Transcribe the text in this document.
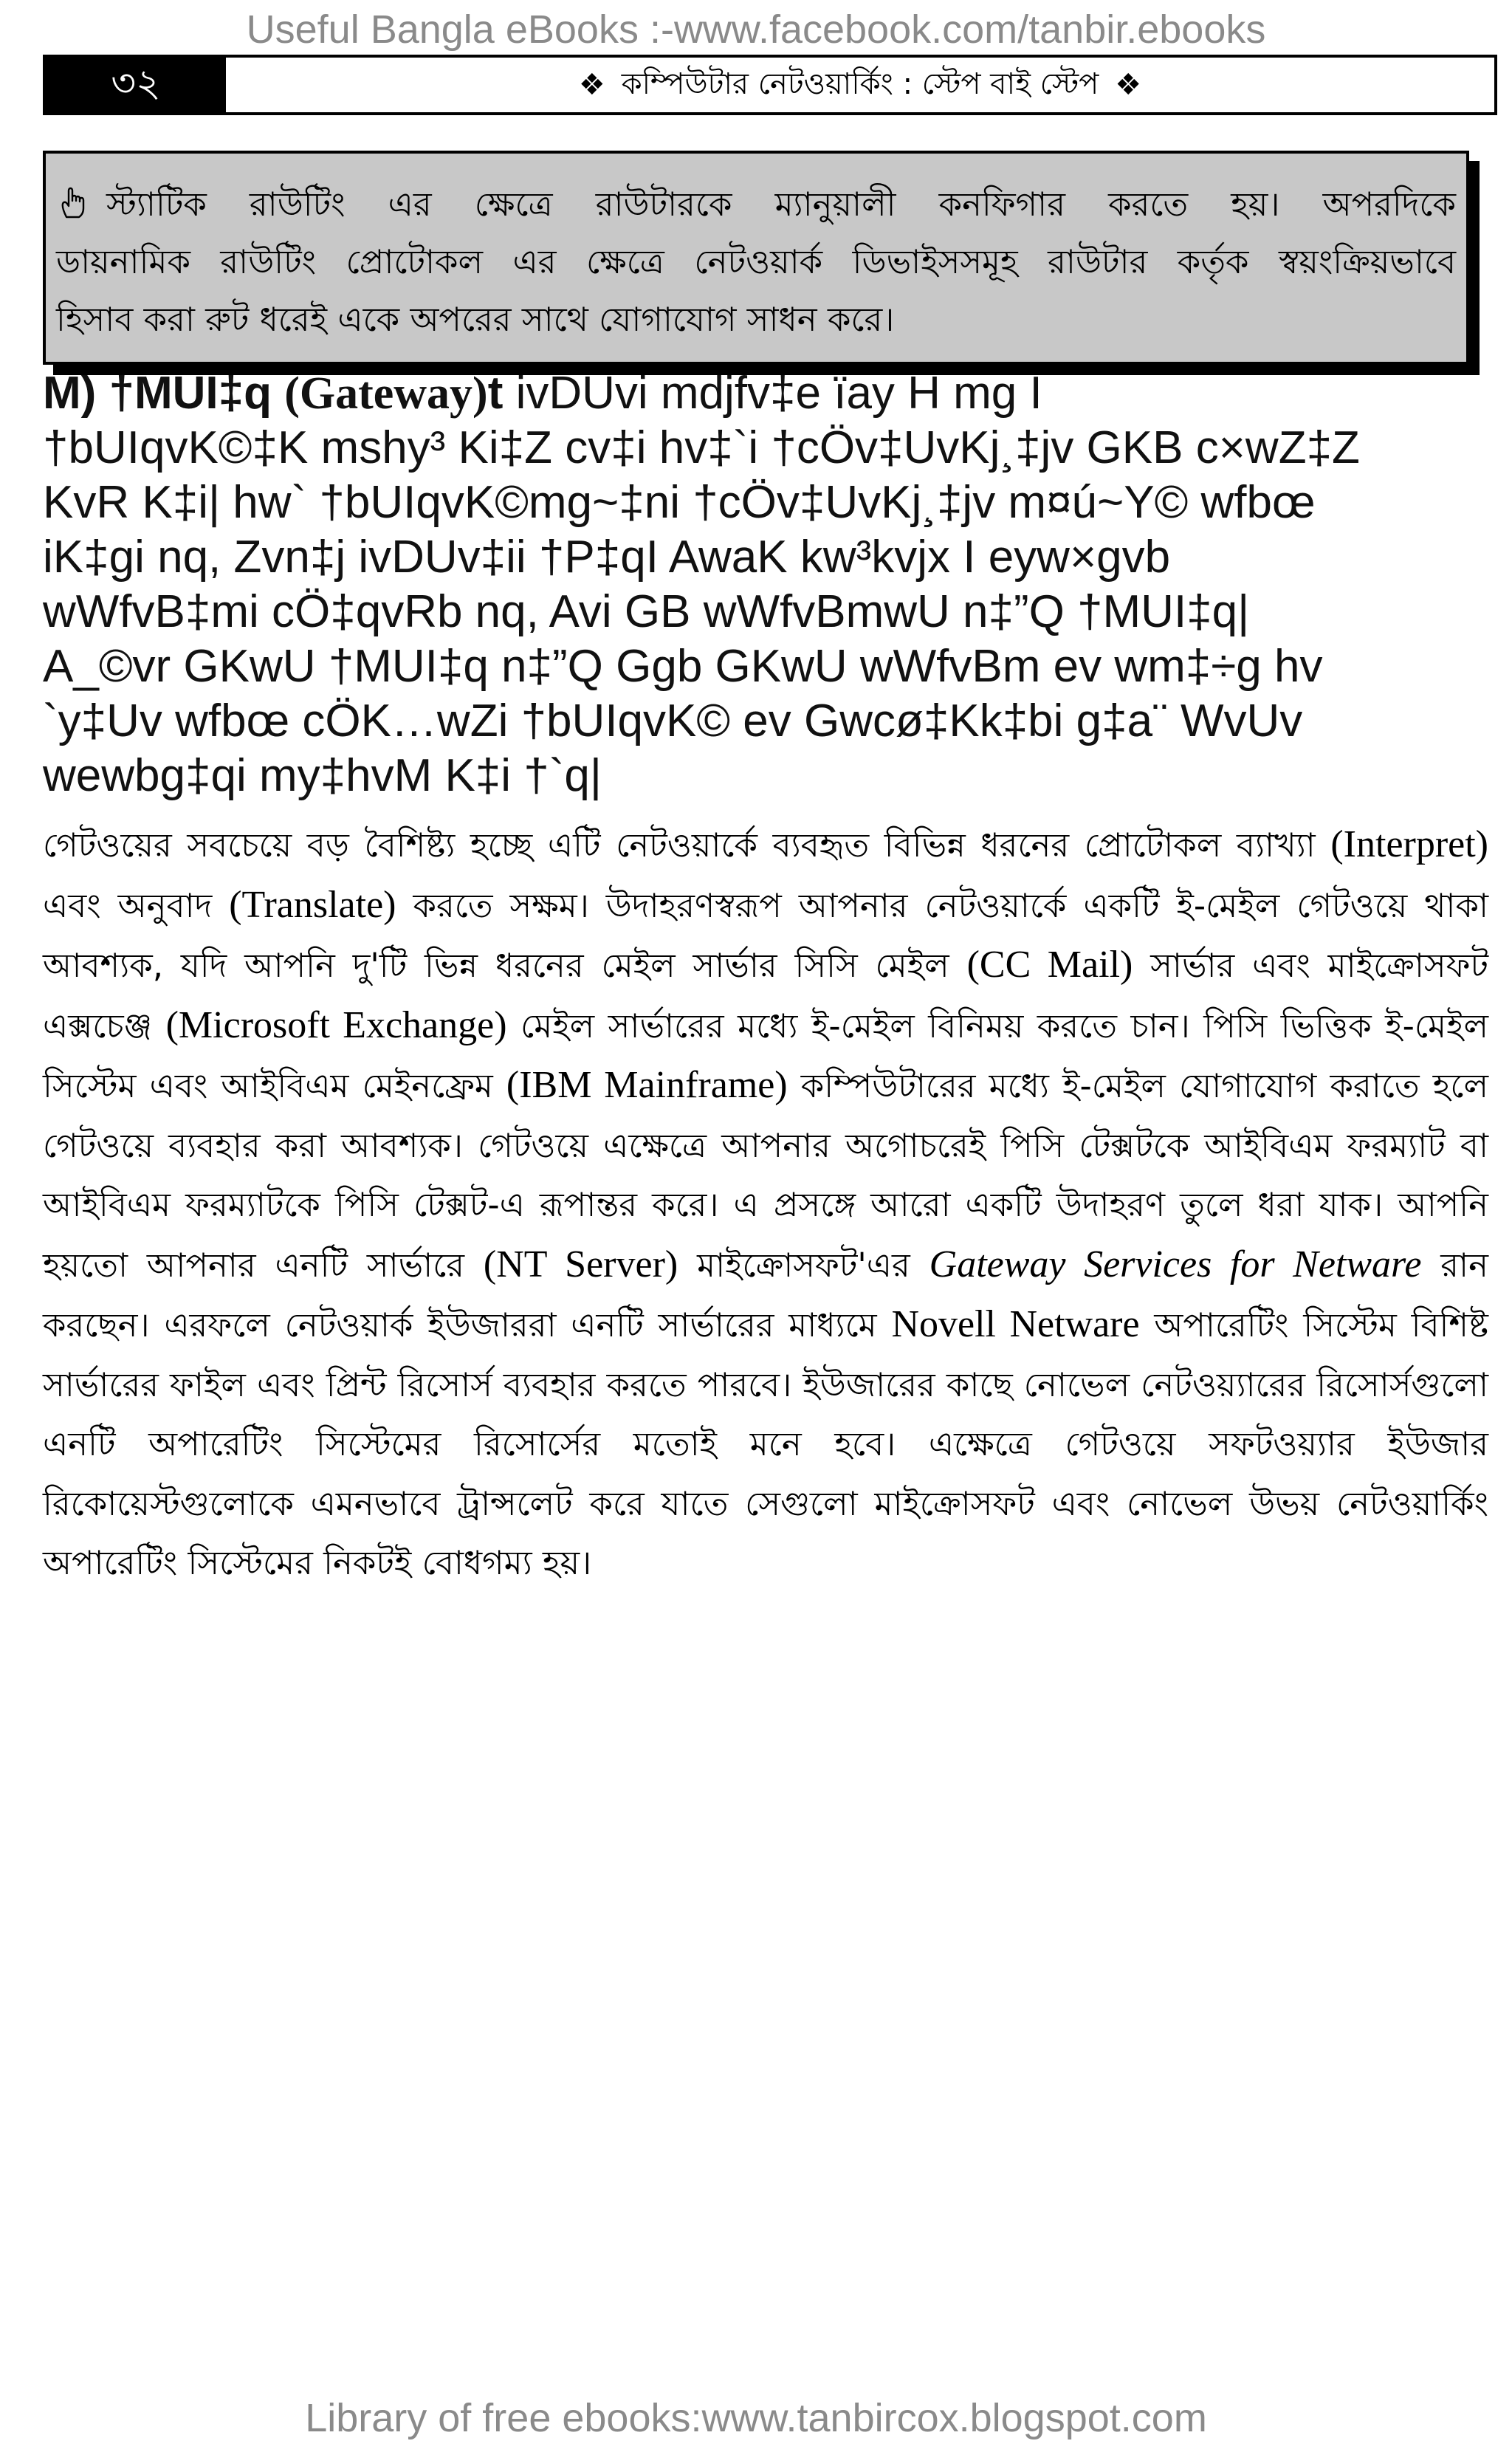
Useful Bangla eBooks :-www.facebook.com/tanbir.ebooks
৩২	❖ কম্পিউটার নেটওয়ার্কিং : স্টেপ বাই স্টেপ ❖
স্ট্যাটিক রাউটিং এর ক্ষেত্রে রাউটারকে ম্যানুয়ালী কনফিগার করতে হয়। অপরদিকে
ডায়নামিক রাউটিং প্রোটোকল এর ক্ষেত্রে নেটওয়ার্ক ডিভাইসসমূহ রাউটার কর্তৃক স্বয়ংক্রিয়ভাবে
হিসাব করা রুট ধরেই একে অপরের সাথে যোগাযোগ সাধন করে।
M) †MUI‡q (Gateway)t ivDUvi mdjfv‡e ïay H mg I
†bUIqvK©‡K mshy³ Ki‡Z cv‡i hv‡`i †cÖv‡UvKj¸‡jv GKB c×wZ‡Z
KvR K‡i| hw` †bUIqvK©mg~‡ni †cÖv‡UvKj¸‡jv m¤ú~Y© wfbœ
iK‡gi nq, Zvn‡j ivDUv‡ii †P‡qI AwaK kw³kvjx I eyw×gvb
wWfvB‡mi cÖ‡qvRb nq, Avi GB wWfvBmwU n‡”Q †MUI‡q|
A_©vr GKwU †MUI‡q n‡”Q Ggb GKwU wWfvBm ev wm‡÷g hv
`y‡Uv wfbœ cÖK…wZi †bUIqvK© ev Gwcø‡Kk‡bi g‡a¨ WvUv
wewbg‡qi my‡hvM K‡i †`q|
গেটওয়ের সবচেয়ে বড় বৈশিষ্ট্য হচ্ছে এটি নেটওয়ার্কে ব্যবহৃত বিভিন্ন ধরনের প্রোটোকল ব্যাখ্যা (Interpret) এবং অনুবাদ (Translate) করতে সক্ষম। উদাহরণস্বরূপ আপনার নেটওয়ার্কে একটি ই-মেইল গেটওয়ে থাকা আবশ্যক, যদি আপনি দু'টি ভিন্ন ধরনের মেইল সার্ভার সিসি মেইল (CC Mail) সার্ভার এবং মাইক্রোসফট এক্সচেঞ্জ (Microsoft Exchange) মেইল সার্ভারের মধ্যে ই-মেইল বিনিময় করতে চান। পিসি ভিত্তিক ই-মেইল সিস্টেম এবং আইবিএম মেইনফ্রেম (IBM Mainframe) কম্পিউটারের মধ্যে ই-মেইল যোগাযোগ করাতে হলে গেটওয়ে ব্যবহার করা আবশ্যক। গেটওয়ে এক্ষেত্রে আপনার অগোচরেই পিসি টেক্সটকে আইবিএম ফরম্যাট বা আইবিএম ফরম্যাটকে পিসি টেক্সট-এ রূপান্তর করে। এ প্রসঙ্গে আরো একটি উদাহরণ তুলে ধরা যাক। আপনি হয়তো আপনার এনটি সার্ভারে (NT Server) মাইক্রোসফট'এর Gateway Services for Netware রান করছেন। এরফলে নেটওয়ার্ক ইউজাররা এনটি সার্ভারের মাধ্যমে Novell Netware অপারেটিং সিস্টেম বিশিষ্ট সার্ভারের ফাইল এবং প্রিন্ট রিসোর্স ব্যবহার করতে পারবে। ইউজারের কাছে নোভেল নেটওয়্যারের রিসোর্সগুলো এনটি অপারেটিং সিস্টেমের রিসোর্সের মতোই মনে হবে। এক্ষেত্রে গেটওয়ে সফটওয়্যার ইউজার রিকোয়েস্টগুলোকে এমনভাবে ট্রান্সলেট করে যাতে সেগুলো মাইক্রোসফট এবং নোভেল উভয় নেটওয়ার্কিং অপারেটিং সিস্টেমের নিকটই বোধগম্য হয়।
Library of free ebooks:www.tanbircox.blogspot.com
